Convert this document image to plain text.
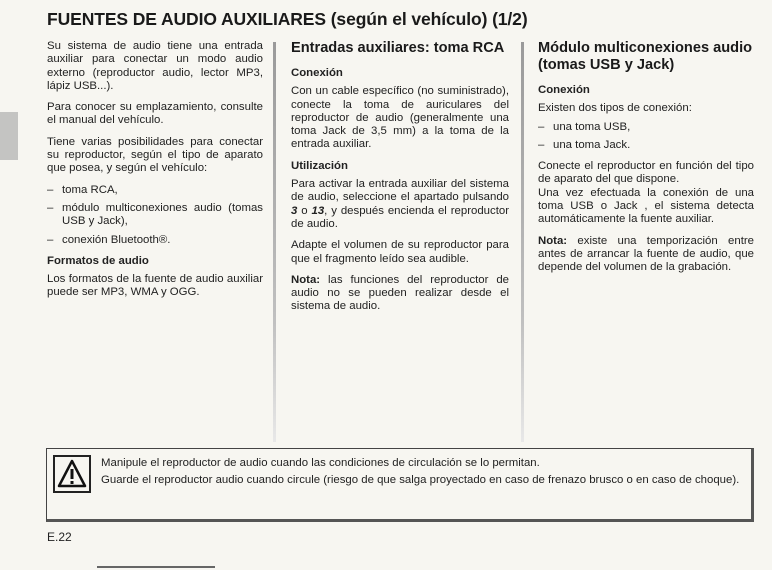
FUENTES DE AUDIO AUXILIARES (según el vehículo) (1/2)

Su sistema de audio tiene una entrada auxiliar para conectar un modo audio externo (reproductor audio, lector MP3, lápiz USB...).

Para conocer su emplazamiento, consulte el manual del vehículo.

Tiene varias posibilidades para conectar su reproductor, según el tipo de aparato que posea, y según el vehículo:

– toma RCA,
– módulo multiconexiones audio (tomas USB y Jack),
– conexión Bluetooth®.
Formatos de audio

Los formatos de la fuente de audio auxiliar puede ser MP3, WMA y OGG.

Entradas auxiliares: toma RCA
Conexión

Con un cable específico (no suministrado), conecte la toma de auriculares del reproductor de audio (generalmente una toma Jack de 3,5 mm) a la toma de la entrada auxiliar.

Utilización

Para activar la entrada auxiliar del sistema de audio, seleccione el apartado pulsando 3 o 13, y después encienda el reproductor de audio.

Adapte el volumen de su reproductor para que el fragmento leído sea audible.

Nota: las funciones del reproductor de audio no se pueden realizar desde el sistema de audio.

Módulo multiconexiones audio (tomas USB y Jack)
Conexión

Existen dos tipos de conexión:

– una toma USB,
– una toma Jack.

Conecte el reproductor en función del tipo de aparato del que dispone.

Una vez efectuada la conexión de una toma USB o Jack , el sistema detecta automáticamente la fuente auxiliar.

Nota: existe una temporización entre antes de arrancar la fuente de audio, que depende del volumen de la grabación.

Manipule el reproductor de audio cuando las condiciones de circulación se lo permitan.

Guarde el reproductor audio cuando circule (riesgo de que salga proyectado en caso de frenazo brusco o en caso de choque).

E.22
